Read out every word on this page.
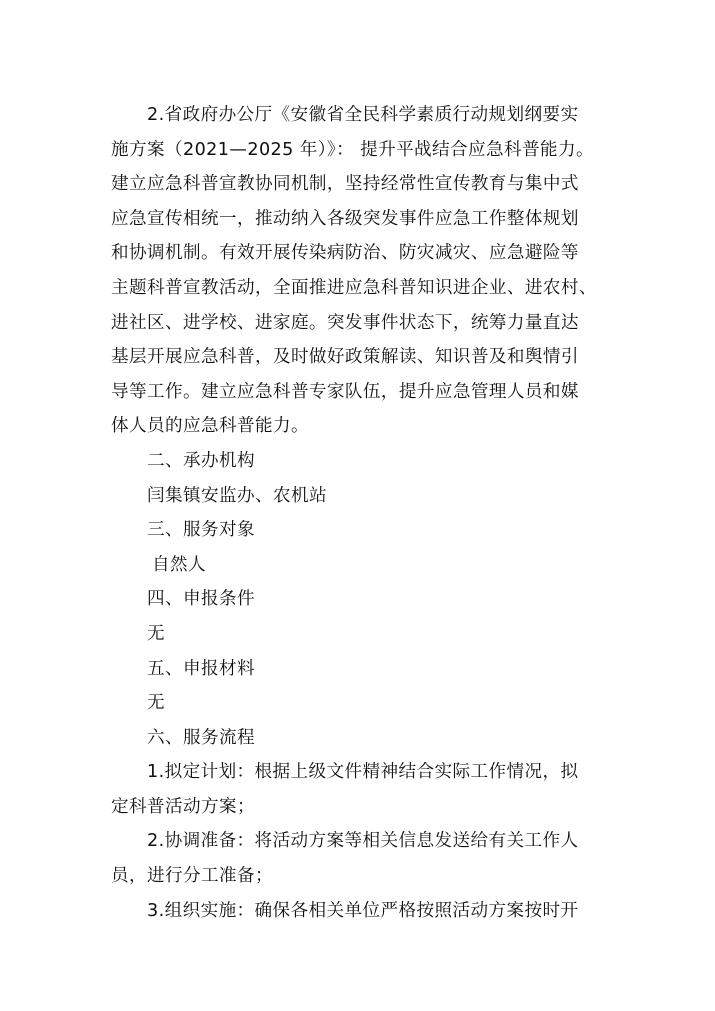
2.省政府办公厅《安徽省全民科学素质行动规划纲要实
施方案（2021—2025 年）》： 提升平战结合应急科普能力。
建立应急科普宣教协同机制，坚持经常性宣传教育与集中式
应急宣传相统一，推动纳入各级突发事件应急工作整体规划
和协调机制。有效开展传染病防治、防灾减灾、应急避险等
主题科普宣教活动，全面推进应急科普知识进企业、进农村、
进社区、进学校、进家庭。突发事件状态下，统筹力量直达
基层开展应急科普，及时做好政策解读、知识普及和舆情引
导等工作。建立应急科普专家队伍，提升应急管理人员和媒
体人员的应急科普能力。
二、承办机构
闫集镇安监办、农机站
三、服务对象
自然人
四、申报条件
无
五、申报材料
无
六、服务流程
1.拟定计划：根据上级文件精神结合实际工作情况，拟
定科普活动方案；
2.协调准备：将活动方案等相关信息发送给有关工作人
员，进行分工准备；
3.组织实施：确保各相关单位严格按照活动方案按时开
